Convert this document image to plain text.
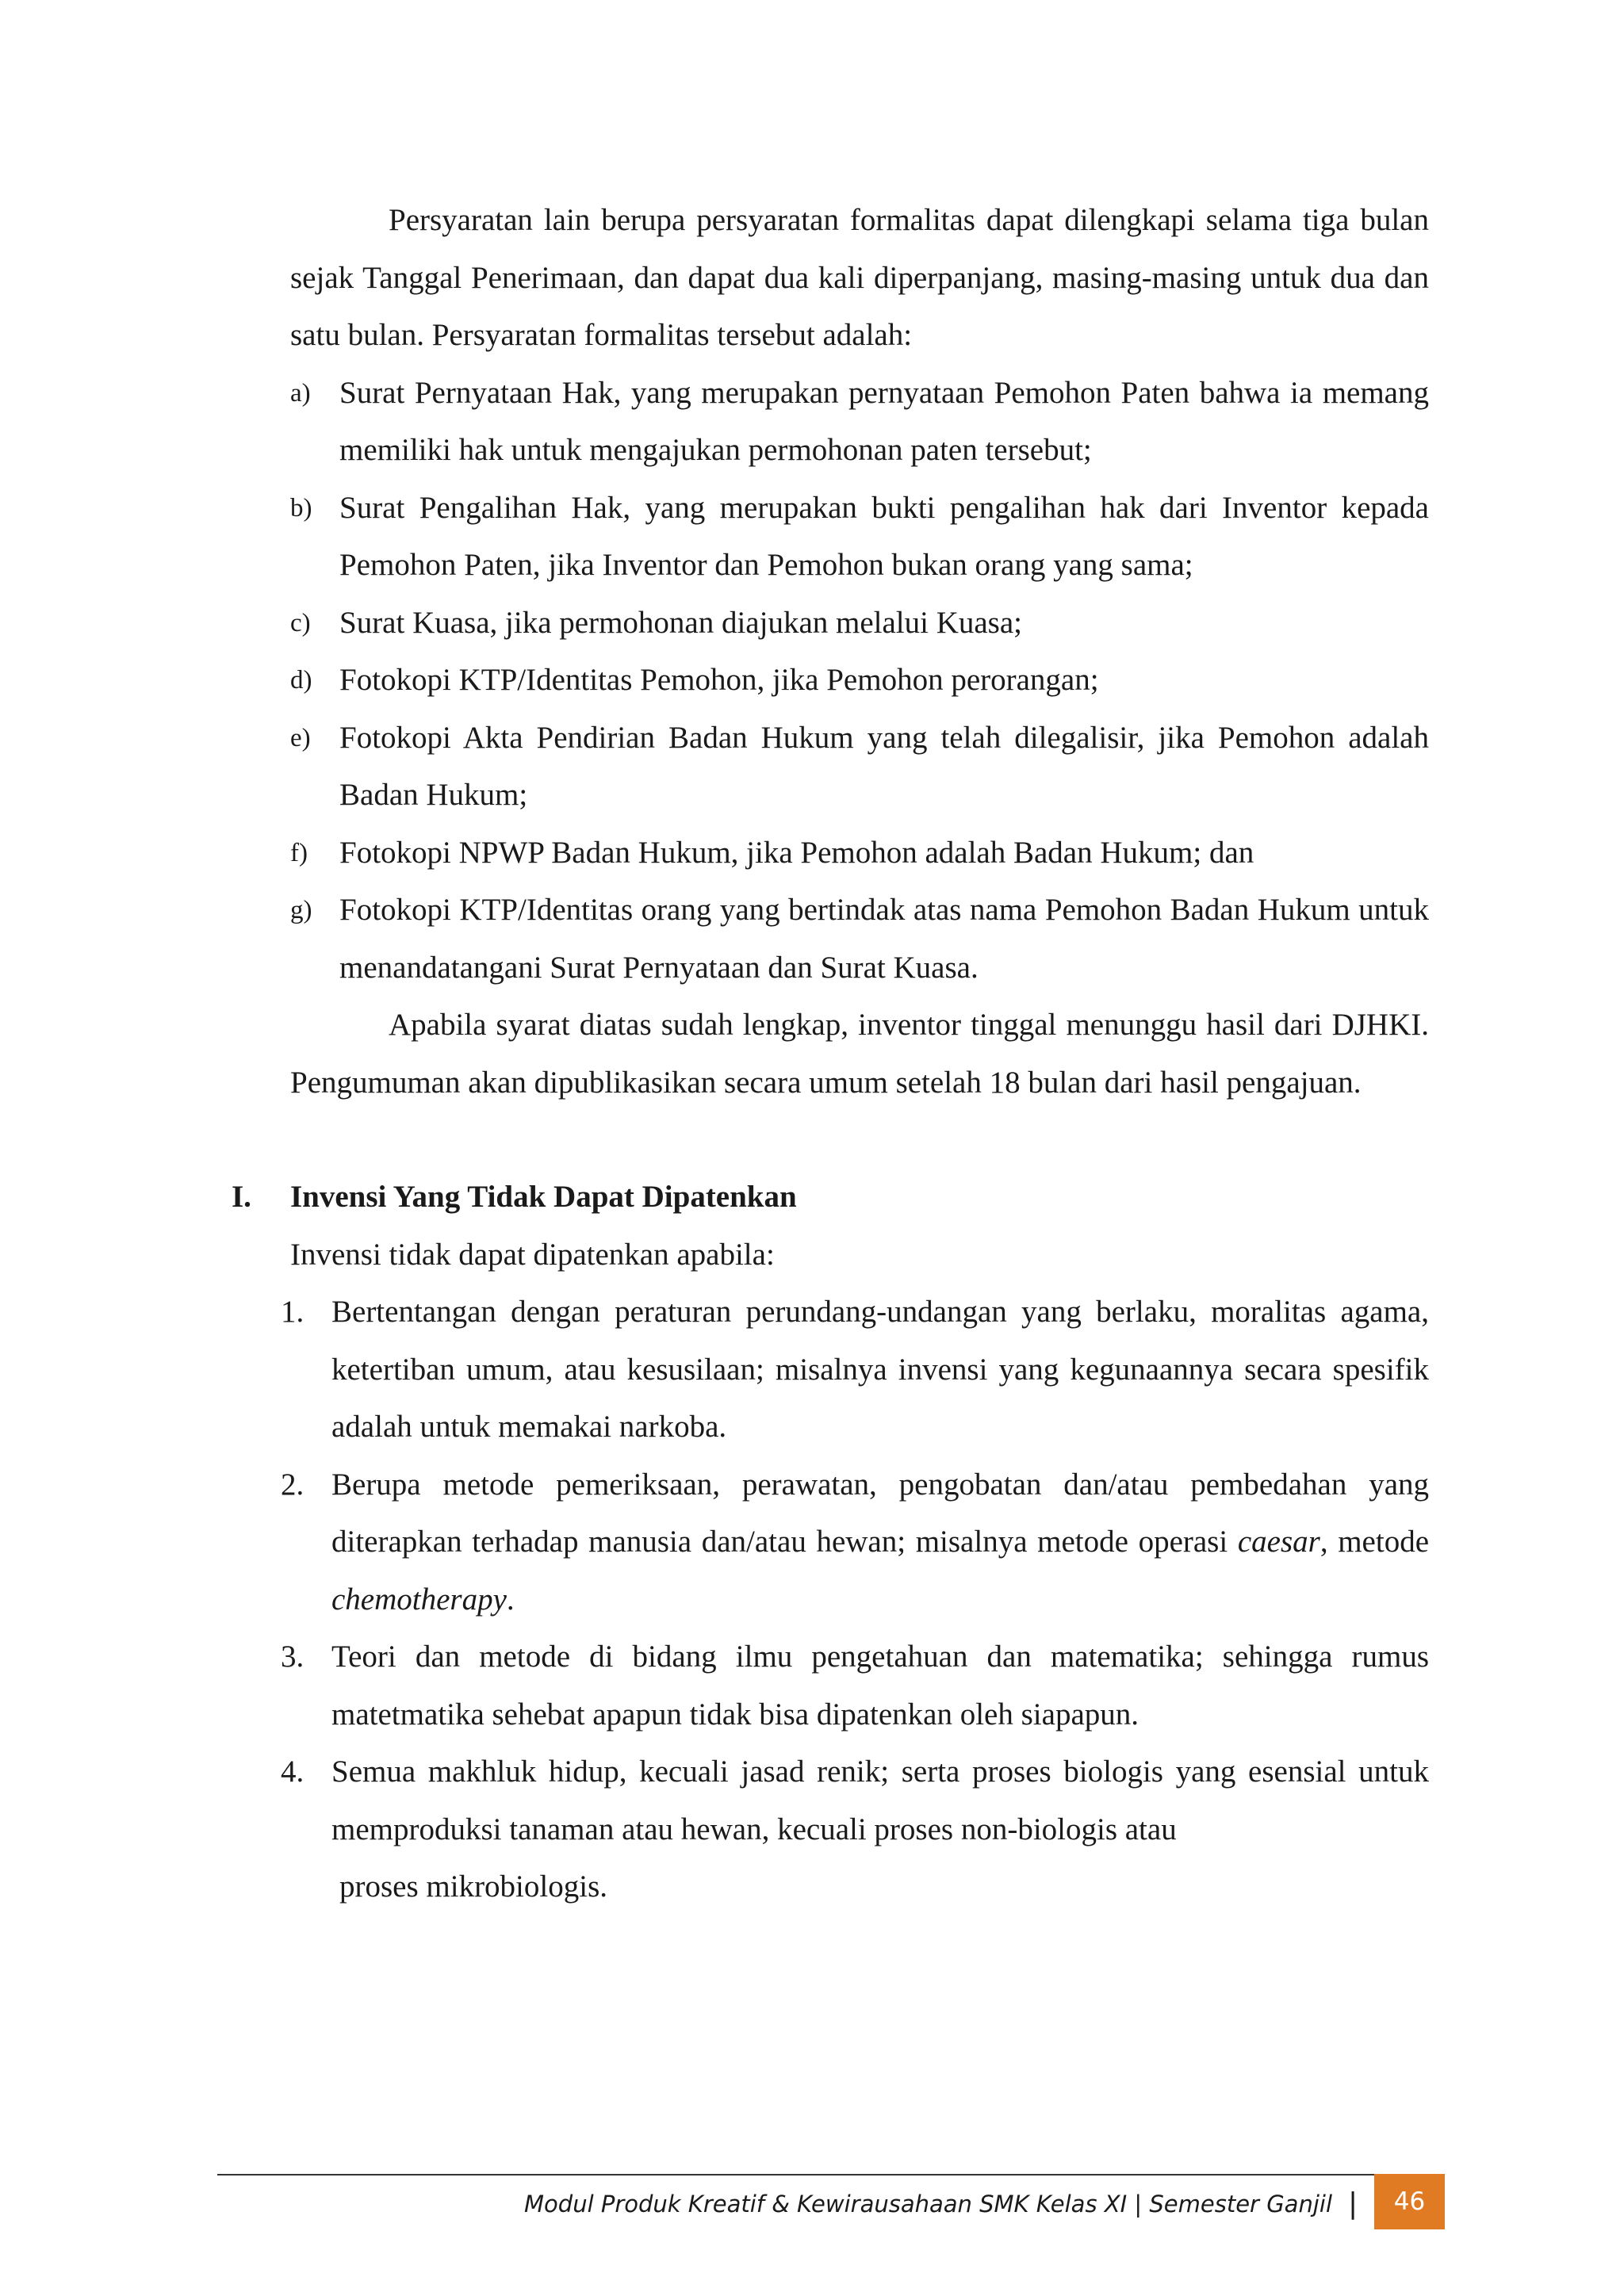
Persyaratan lain berupa persyaratan formalitas dapat dilengkapi selama tiga bulan sejak Tanggal Penerimaan, dan dapat dua kali diperpanjang, masing-masing untuk dua dan satu bulan. Persyaratan formalitas tersebut adalah:

a) Surat Pernyataan Hak, yang merupakan pernyataan Pemohon Paten bahwa ia memang memiliki hak untuk mengajukan permohonan paten tersebut;
b) Surat Pengalihan Hak, yang merupakan bukti pengalihan hak dari Inventor kepada Pemohon Paten, jika Inventor dan Pemohon bukan orang yang sama;
c) Surat Kuasa, jika permohonan diajukan melalui Kuasa;
d) Fotokopi KTP/Identitas Pemohon, jika Pemohon perorangan;
e) Fotokopi Akta Pendirian Badan Hukum yang telah dilegalisir, jika Pemohon adalah Badan Hukum;
f) Fotokopi NPWP Badan Hukum, jika Pemohon adalah Badan Hukum; dan
g) Fotokopi KTP/Identitas orang yang bertindak atas nama Pemohon Badan Hukum untuk menandatangani Surat Pernyataan dan Surat Kuasa.

Apabila syarat diatas sudah lengkap, inventor tinggal menunggu hasil dari DJHKI. Pengumuman akan dipublikasikan secara umum setelah 18 bulan dari hasil pengajuan.

I. Invensi Yang Tidak Dapat Dipatenkan

Invensi tidak dapat dipatenkan apabila:

1. Bertentangan dengan peraturan perundang-undangan yang berlaku, moralitas agama, ketertiban umum, atau kesusilaan; misalnya invensi yang kegunaannya secara spesifik adalah untuk memakai narkoba.
2. Berupa metode pemeriksaan, perawatan, pengobatan dan/atau pembedahan yang diterapkan terhadap manusia dan/atau hewan; misalnya metode operasi caesar, metode chemotherapy.
3. Teori dan metode di bidang ilmu pengetahuan dan matematika; sehingga rumus matetmatika sehebat apapun tidak bisa dipatenkan oleh siapapun.
4. Semua makhluk hidup, kecuali jasad renik; serta proses biologis yang esensial untuk memproduksi tanaman atau hewan, kecuali proses non-biologis atau
proses mikrobiologis.
Modul Produk Kreatif & Kewirausahaan SMK Kelas XI | Semester Ganjil |	46
